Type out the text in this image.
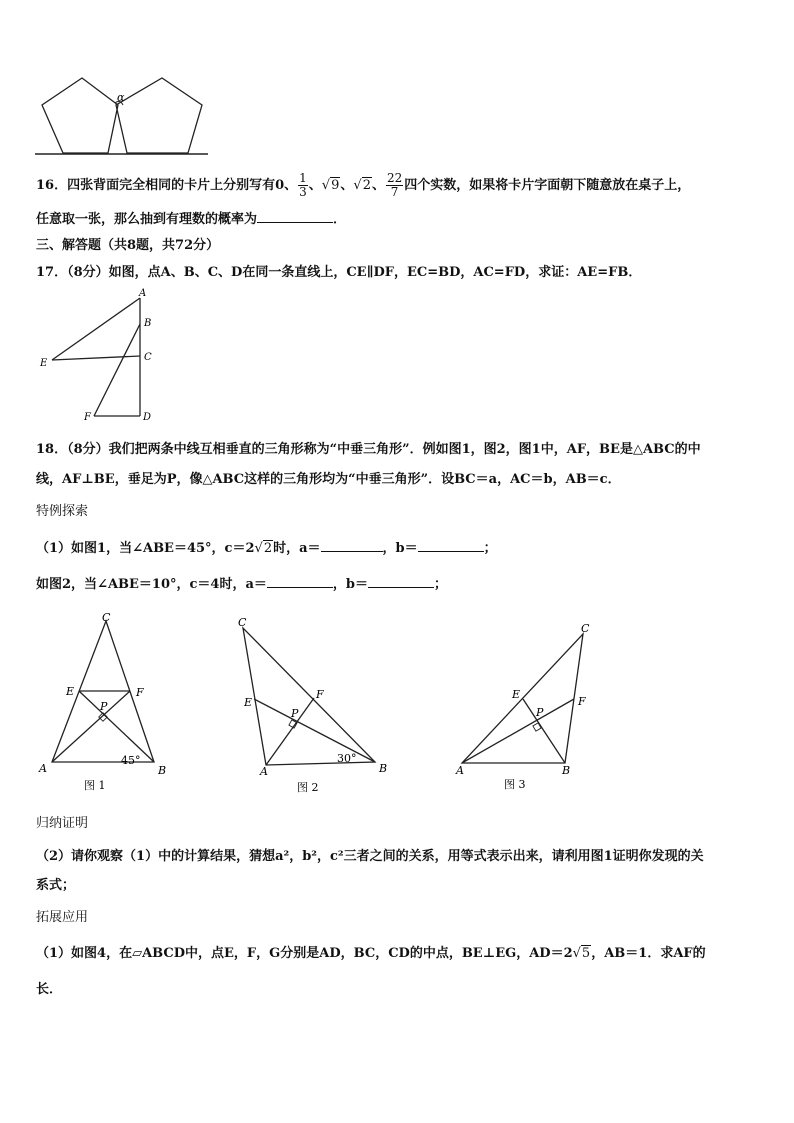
α
16．四张背面完全相同的卡片上分别写有0、 $\frac{1}{3}$ 、√9、√2、 $\frac{22}{7}$ 四个实数，如果将卡片字面朝下随意放在桌子上，
任意取一张，那么抽到有理数的概率为	．
三、解答题（共8题，共72分）
17．（8分）如图，点A、B、C、D在同一条直线上，CE∥DF，EC=BD，AC=FD，求证：AE=FB．
A
B
C
D
E
F
18．（8分）我们把两条中线互相垂直的三角形称为“中垂三角形”．例如图1，图2，图1中，AF，BE是△ABC的中
线，AF⊥BE，垂足为P，像△ABC这样的三角形均为“中垂三角形”．设BC＝a，AC＝b，AB＝c．
特例探索
（1）如图1，当∠ABE＝45°，c＝2√2时，a＝	，b＝	；
如图2，当∠ABE＝10°，c＝4时，a＝	，b＝	；
C
A	B
E	F
P
45°
图 1
C
A	B
E
F
P
30°
图 2
C
A	B
E
F
P
图 3
归纳证明
（2）请你观察（1）中的计算结果，猜想a²，b²，c²三者之间的关系，用等式表示出来，请利用图1证明你发现的关
系式；
拓展应用
（1）如图4，在▱ABCD中，点E，F，G分别是AD，BC，CD的中点，BE⊥EG，AD＝2√5，AB＝1．求AF的
长．
